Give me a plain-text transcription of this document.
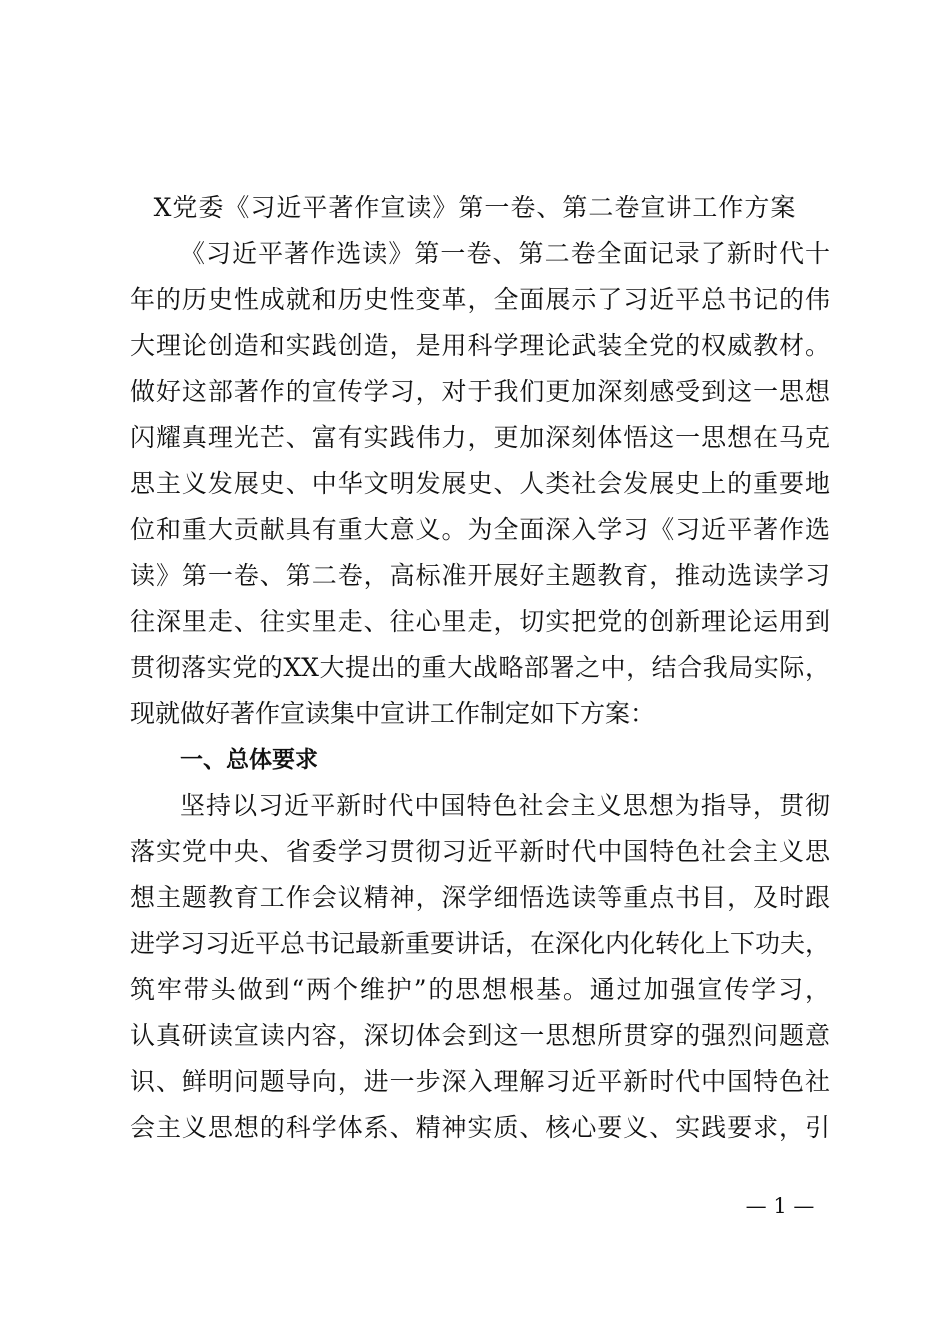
X党委《习近平著作宣读》第一卷、第二卷宣讲工作方案
《习近平著作选读》第一卷、第二卷全面记录了新时代十
年的历史性成就和历史性变革，全面展示了习近平总书记的伟
大理论创造和实践创造，是用科学理论武装全党的权威教材。
做好这部著作的宣传学习，对于我们更加深刻感受到这一思想
闪耀真理光芒、富有实践伟力，更加深刻体悟这一思想在马克
思主义发展史、中华文明发展史、人类社会发展史上的重要地
位和重大贡献具有重大意义。为全面深入学习《习近平著作选
读》第一卷、第二卷，高标准开展好主题教育，推动选读学习
往深里走、往实里走、往心里走，切实把党的创新理论运用到
贯彻落实党的XX大提出的重大战略部署之中，结合我局实际，
现就做好著作宣读集中宣讲工作制定如下方案：
一、总体要求
坚持以习近平新时代中国特色社会主义思想为指导，贯彻
落实党中央、省委学习贯彻习近平新时代中国特色社会主义思
想主题教育工作会议精神，深学细悟选读等重点书目，及时跟
进学习习近平总书记最新重要讲话，在深化内化转化上下功夫，
筑牢带头做到“两个维护”的思想根基。通过加强宣传学习，
认真研读宣读内容，深切体会到这一思想所贯穿的强烈问题意
识、鲜明问题导向，进一步深入理解习近平新时代中国特色社
会主义思想的科学体系、精神实质、核心要义、实践要求，引
— 1 —
